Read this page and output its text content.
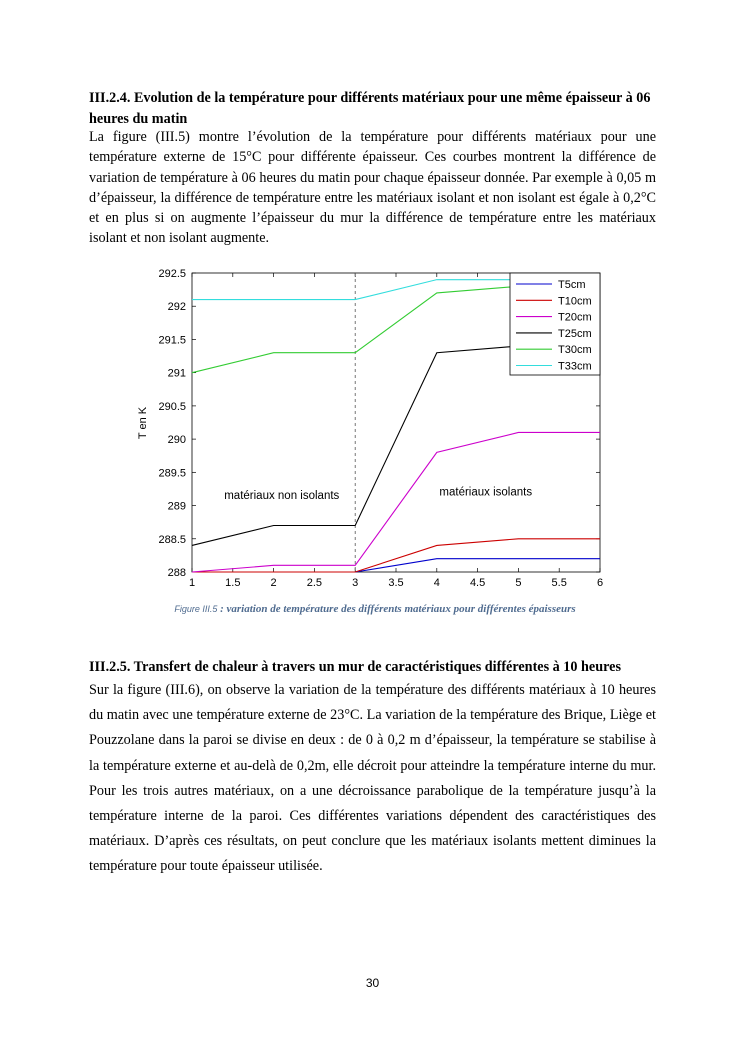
III.2.4. Evolution de la température pour différents matériaux pour une même épaisseur à 06 heures du matin

La figure (III.5) montre l’évolution de la température pour différents matériaux pour une température externe de 15°C pour différente épaisseur. Ces courbes montrent la différence de variation de température à 06 heures du matin pour chaque épaisseur donnée. Par exemple à 0,05 m d’épaisseur, la différence de température entre les matériaux isolant et non isolant est égale à 0,2°C et en plus si on augmente l’épaisseur du mur la différence de température entre les matériaux isolant et non isolant augmente.

1	1.5	2	2.5	3	3.5	4	4.5	5	5.5	6
288
288.5
289
289.5
290
290.5
291
291.5
292
292.5
T en K
matériaux non isolants	matériaux isolants
T5cm
T10cm
T20cm
T25cm
T30cm
T33cm
Figure III.5 : variation de température des différents matériaux pour différentes épaisseurs
III.2.5. Transfert de chaleur à travers un mur de caractéristiques différentes à 10 heures

Sur la figure (III.6), on observe la variation de la température des différents matériaux à 10 heures du matin avec une température externe de 23°C. La variation de la température des Brique, Liège et Pouzzolane dans la paroi se divise en deux : de 0 à 0,2 m d’épaisseur, la température se stabilise à la température externe et au-delà de 0,2m, elle décroit pour atteindre la température interne du mur. Pour les trois autres matériaux, on a une décroissance parabolique de la température jusqu’à la température interne de la paroi. Ces différentes variations dépendent des caractéristiques des matériaux. D’après ces résultats, on peut conclure que les matériaux isolants mettent diminues la température pour toute épaisseur utilisée.

30
